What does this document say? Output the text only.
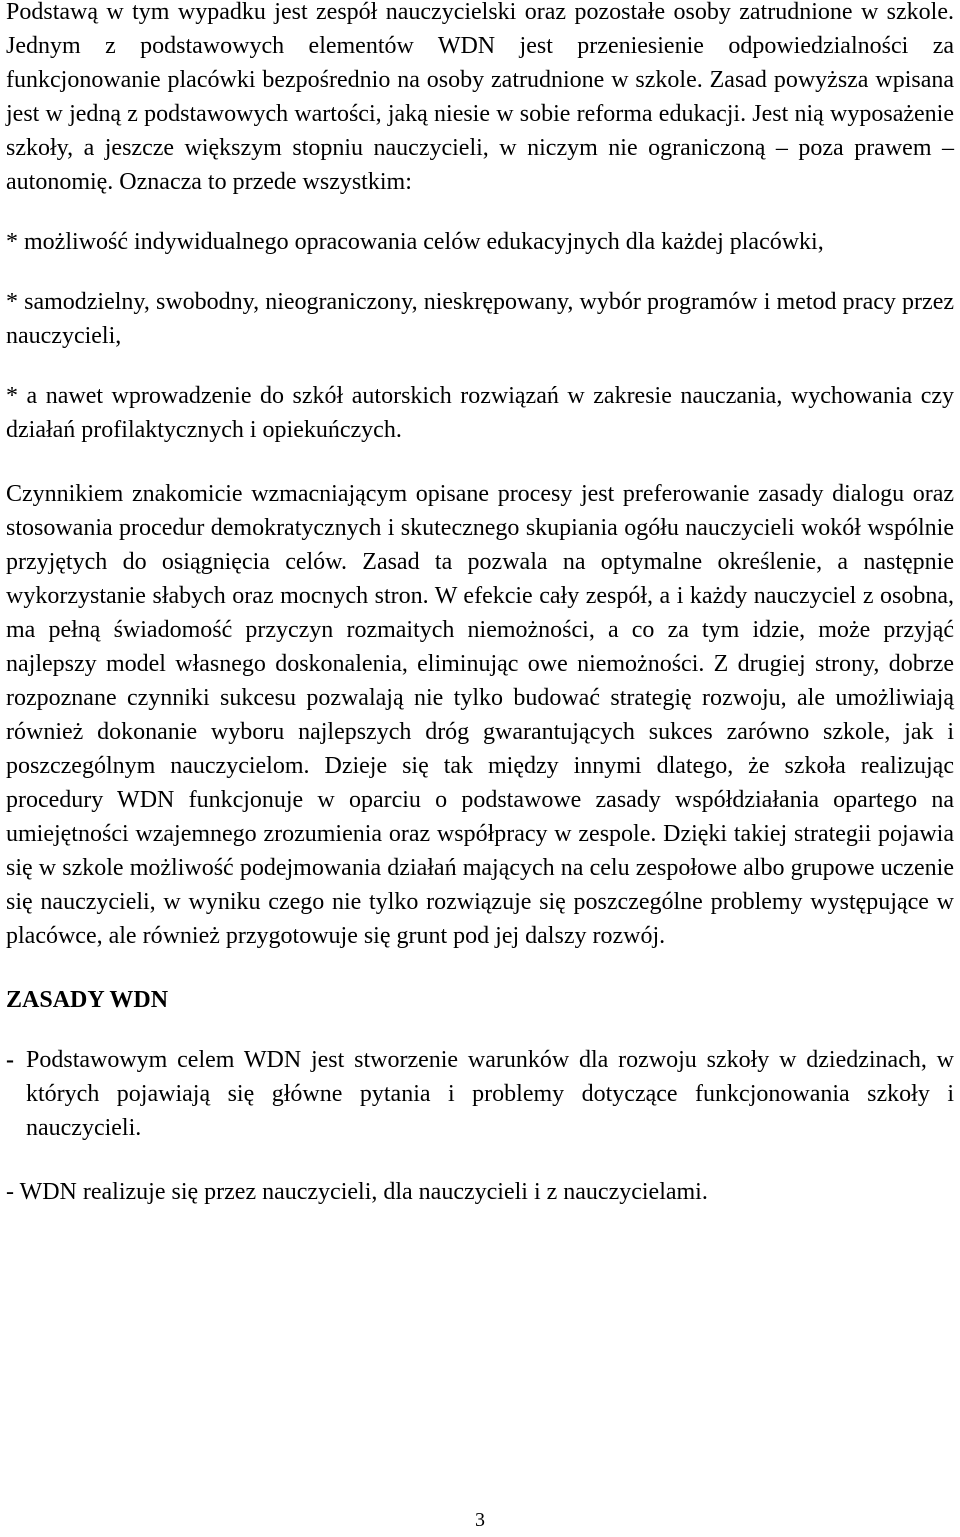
Podstawą w tym wypadku jest zespół nauczycielski oraz pozostałe osoby zatrudnione w szkole. Jednym z podstawowych elementów WDN jest przeniesienie odpowiedzialności za funkcjonowanie placówki bezpośrednio na osoby zatrudnione w szkole. Zasad powyższa wpisana jest w jedną z podstawowych wartości, jaką niesie w sobie reforma edukacji. Jest nią wyposażenie szkoły, a jeszcze większym stopniu nauczycieli, w niczym nie ograniczoną – poza prawem – autonomię. Oznacza to przede wszystkim:

* możliwość indywidualnego opracowania celów edukacyjnych dla każdej placówki,

* samodzielny, swobodny, nieograniczony, nieskrępowany, wybór programów i metod pracy przez nauczycieli,

* a nawet wprowadzenie do szkół autorskich rozwiązań w zakresie nauczania, wychowania czy działań profilaktycznych i opiekuńczych.

Czynnikiem znakomicie wzmacniającym opisane procesy jest preferowanie zasady dialogu oraz stosowania procedur demokratycznych i skutecznego skupiania ogółu nauczycieli wokół wspólnie przyjętych do osiągnięcia celów. Zasad ta pozwala na optymalne określenie, a następnie wykorzystanie słabych oraz mocnych stron. W efekcie cały zespół, a i każdy nauczyciel z osobna, ma pełną świadomość przyczyn rozmaitych niemożności, a co za tym idzie, może przyjąć najlepszy model własnego doskonalenia, eliminując owe niemożności. Z drugiej strony, dobrze rozpoznane czynniki sukcesu pozwalają nie tylko budować strategię rozwoju, ale umożliwiają również dokonanie wyboru najlepszych dróg gwarantujących sukces zarówno szkole, jak i poszczególnym nauczycielom. Dzieje się tak między innymi dlatego, że szkoła realizując procedury WDN funkcjonuje w oparciu o podstawowe zasady współdziałania opartego na umiejętności wzajemnego zrozumienia oraz współpracy w zespole. Dzięki takiej strategii pojawia się w szkole możliwość podejmowania działań mających na celu zespołowe albo grupowe uczenie się nauczycieli, w wyniku czego nie tylko rozwiązuje się poszczególne problemy występujące w placówce, ale również przygotowuje się grunt pod jej dalszy rozwój.

ZASADY WDN

- Podstawowym celem WDN jest stworzenie warunków dla rozwoju szkoły w dziedzinach, w których pojawiają się główne pytania i problemy dotyczące funkcjonowania szkoły i nauczycieli.

- WDN realizuje się przez nauczycieli, dla nauczycieli i z nauczycielami.
3
